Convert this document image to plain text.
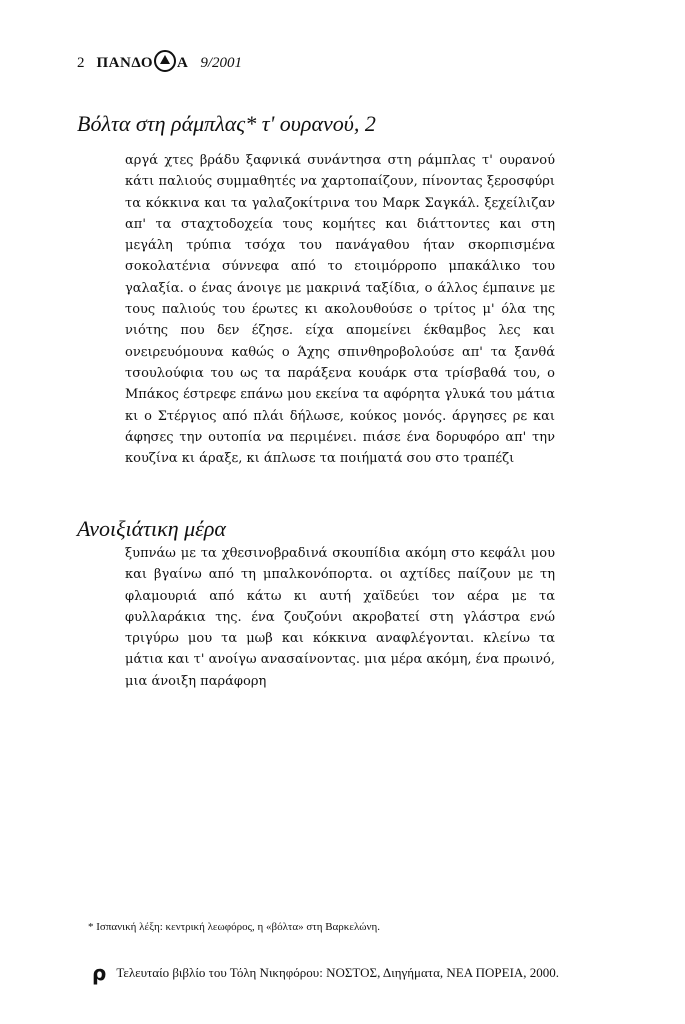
2 ΠΑΝΔΟ Α 9/2001
Βόλτα στη ράμπλας* τ' ουρανού, 2
αργά χτες βράδυ ξαφνικά συνάντησα στη ράμπλας τ' ουρανού κάτι παλιούς συμμαθητές να χαρτοπαίζουν, πίνοντας ξεροσφύρι τα κόκκινα και τα γαλαζοκίτρινα του Μαρκ Σαγκάλ. ξεχείλιζαν απ' τα σταχτοδοχεία τους κομήτες και διάττοντες και στη μεγάλη τρύπια τσόχα του πανάγαθου ήταν σκορπισμένα σοκολατένια σύννεφα από το ετοιμόρροπο μπακάλικο του γαλαξία. ο ένας άνοιγε με μακρινά ταξίδια, ο άλλος έμπαινε με τους παλιούς του έρωτες κι ακολουθούσε ο τρίτος μ' όλα της νιότης που δεν έζησε. είχα απομείνει έκθαμβος λες και ονειρευόμουνα καθώς ο Άχης σπινθηροβολούσε απ' τα ξανθά τσουλούφια του ως τα παράξενα κουάρκ στα τρίσβαθά του, ο Μπάκος έστρεφε επάνω μου εκείνα τα αφόρητα γλυκά του μάτια κι ο Στέργιος από πλάι δήλωσε, κούκος μονός. άργησες ρε και άφησες την ουτοπία να περιμένει. πιάσε ένα δορυφόρο απ' την κουζίνα κι άραξε, κι άπλωσε τα ποιήματά σου στο τραπέζι
Ανοιξιάτικη μέρα
ξυπνάω με τα χθεσινοβραδινά σκουπίδια ακόμη στο κεφάλι μου και βγαίνω από τη μπαλκονόπορτα. οι αχτίδες παίζουν με τη φλαμουριά από κάτω κι αυτή χαϊδεύει τον αέρα με τα φυλλαράκια της. ένα ζουζούνι ακροβατεί στη γλάστρα ενώ τριγύρω μου τα μωβ και κόκκινα αναφλέγονται. κλείνω τα μάτια και τ' ανοίγω ανασαίνοντας. μια μέρα ακόμη, ένα πρωινό, μια άνοιξη παράφορη
* Ισπανική λέξη: κεντρική λεωφόρος, η «βόλτα» στη Βαρκελώνη.
ρ Τελευταίο βιβλίο του Τόλη Νικηφόρου: ΝΟΣΤΟΣ, Διηγήματα, ΝΕΑ ΠΟΡΕΙΑ, 2000.
